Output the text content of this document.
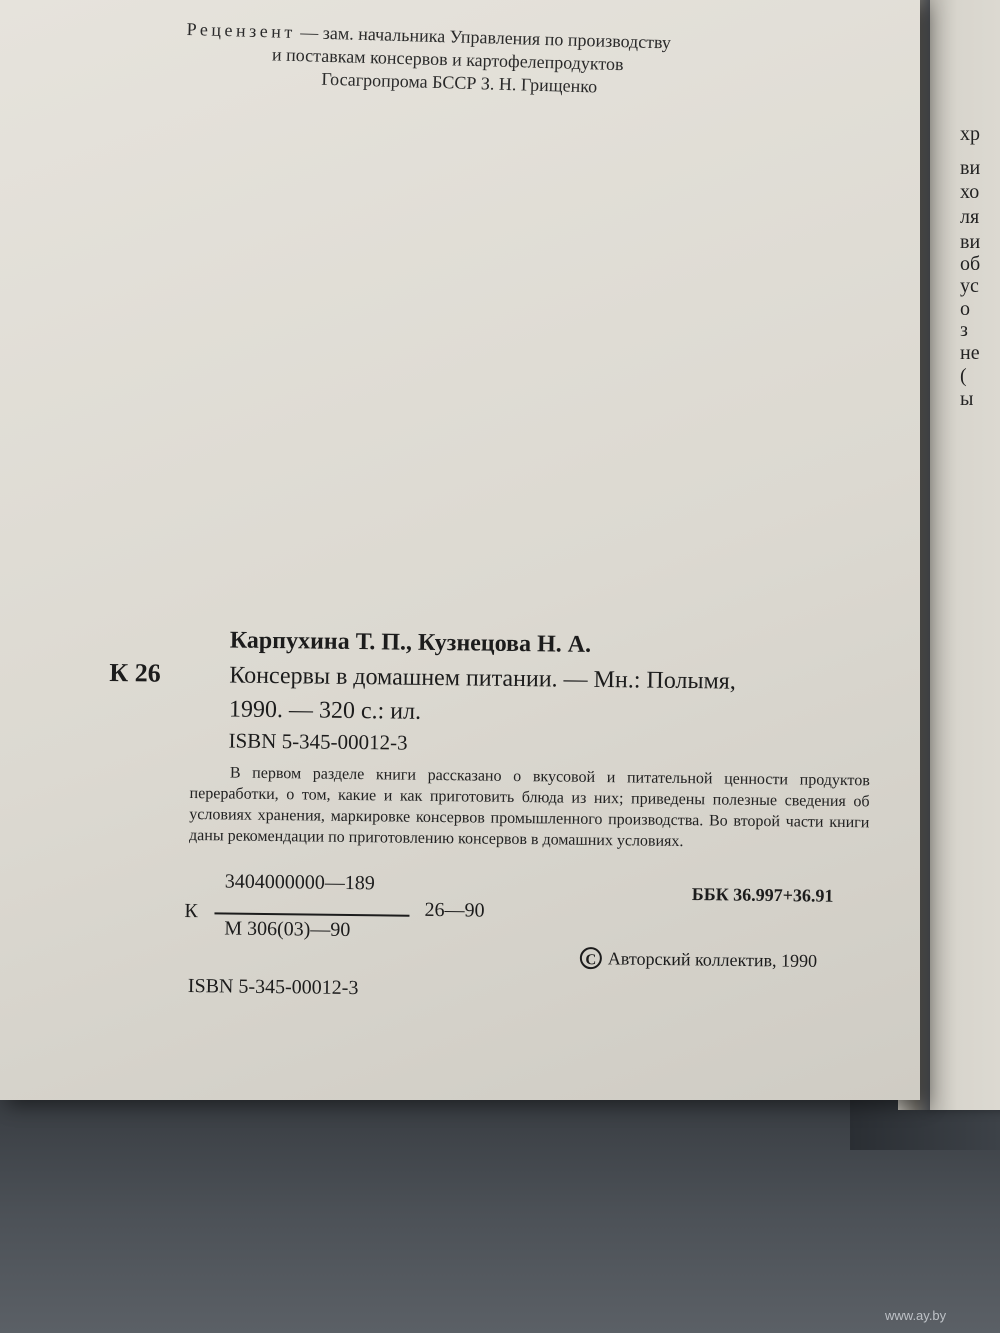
хр
ви
хо
ля
ви
об
ус
о
з
не
(
ы
Рецензент — зам. начальника Управления по производству
и поставкам консервов и картофелепродуктов
Госагропрома БССР З. Н. Грищенко
Карпухина Т. П., Кузнецова Н. А.
К 26	Консервы в домашнем питании. — Мн.: Полымя,
1990. — 320 с.: ил.
ISBN 5-345-00012-3

В первом разделе книги рассказано о вкусовой и питательной ценности продуктов переработки, о том, какие и как приготовить блюда из них; приведены полезные сведения об условиях хранения, маркировке консервов промышленного производства. Во второй части книги даны рекомендации по приготовлению консервов в домашних условиях.

3404000000—189
К
М 306(03)—90
26—90
ББК 36.997+36.91
C Авторский коллектив, 1990
ISBN 5-345-00012-3
www.ay.by
